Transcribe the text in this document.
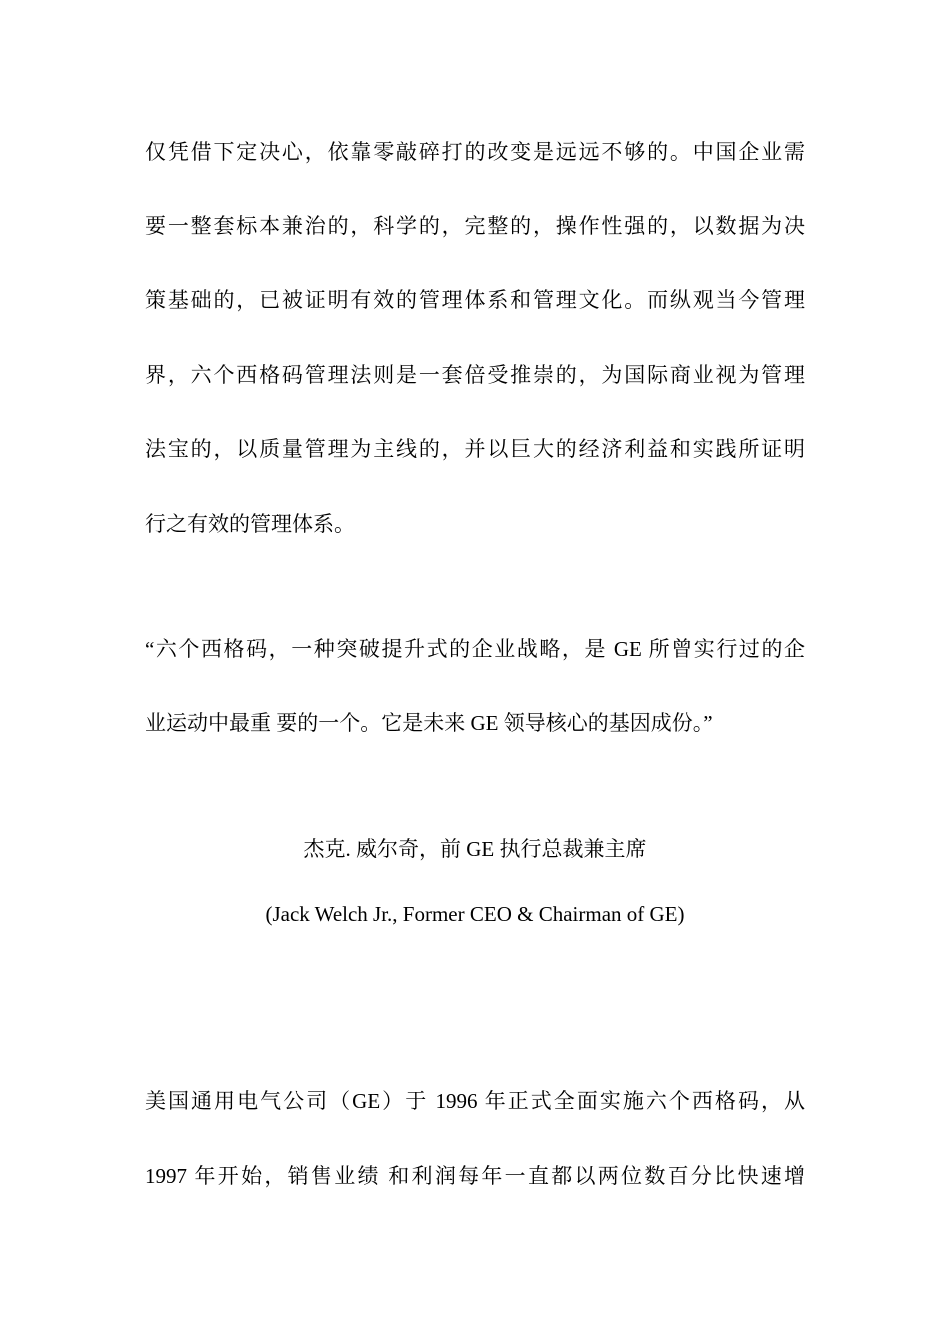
仅凭借下定决心，依靠零敲碎打的改变是远远不够的。中国企业需
要一整套标本兼治的，科学的，完整的，操作性强的，以数据为决
策基础的，已被证明有效的管理体系和管理文化。而纵观当今管理
界，六个西格码管理法则是一套倍受推崇的，为国际商业视为管理
法宝的，以质量管理为主线的，并以巨大的经济利益和实践所证明
行之有效的管理体系。
“六个西格码，一种突破提升式的企业战略，是 GE 所曾实行过的企
业运动中最重 要的一个。它是未来 GE 领导核心的基因成份。”
杰克. 威尔奇，前 GE 执行总裁兼主席
(Jack Welch Jr., Former CEO & Chairman of GE)
美国通用电气公司（GE）于 1996 年正式全面实施六个西格码，从
1997 年开始，销售业绩 和利润每年一直都以两位数百分比快速增
